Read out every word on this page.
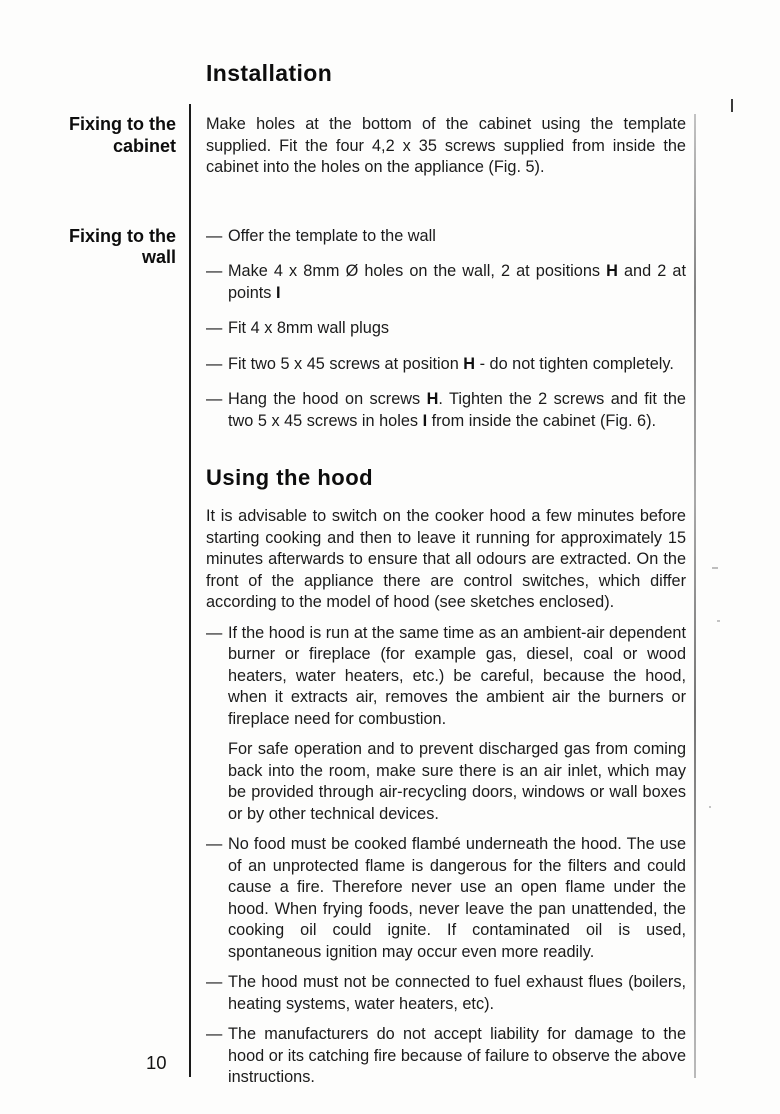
Installation
Fixing to the
cabinet

Make holes at the bottom of the cabinet using the template supplied. Fit the four 4,2 x 35 screws supplied from inside the cabinet into the holes on the appliance (Fig. 5).

Fixing to the
wall
— Offer the template to the wall
— Make 4 x 8mm Ø holes on the wall, 2 at positions H and 2 at points I
— Fit 4 x 8mm wall plugs
— Fit two 5 x 45 screws at position H - do not tighten completely.
— Hang the hood on screws H. Tighten the 2 screws and fit the two 5 x 45 screws in holes I from inside the cabinet (Fig. 6).
Using the hood

It is advisable to switch on the cooker hood a few minutes before starting cooking and then to leave it running for approximately 15 minutes afterwards to ensure that all odours are extracted. On the front of the appliance there are control switches, which differ according to the model of hood (see sketches enclosed).

— If the hood is run at the same time as an ambient-air dependent burner or fireplace (for example gas, diesel, coal or wood heaters, water heaters, etc.) be careful, because the hood, when it extracts air, removes the ambient air the burners or fireplace need for combustion.

For safe operation and to prevent discharged gas from coming back into the room, make sure there is an air inlet, which may be provided through air-recycling doors, windows or wall boxes or by other technical devices.

— No food must be cooked flambé underneath the hood. The use of an unprotected flame is dangerous for the filters and could cause a fire. Therefore never use an open flame under the hood. When frying foods, never leave the pan unattended, the cooking oil could ignite. If contaminated oil is used, spontaneous ignition may occur even more readily.
— The hood must not be connected to fuel exhaust flues (boilers, heating systems, water heaters, etc).
— The manufacturers do not accept liability for damage to the hood or its catching fire because of failure to observe the above instructions.
10
